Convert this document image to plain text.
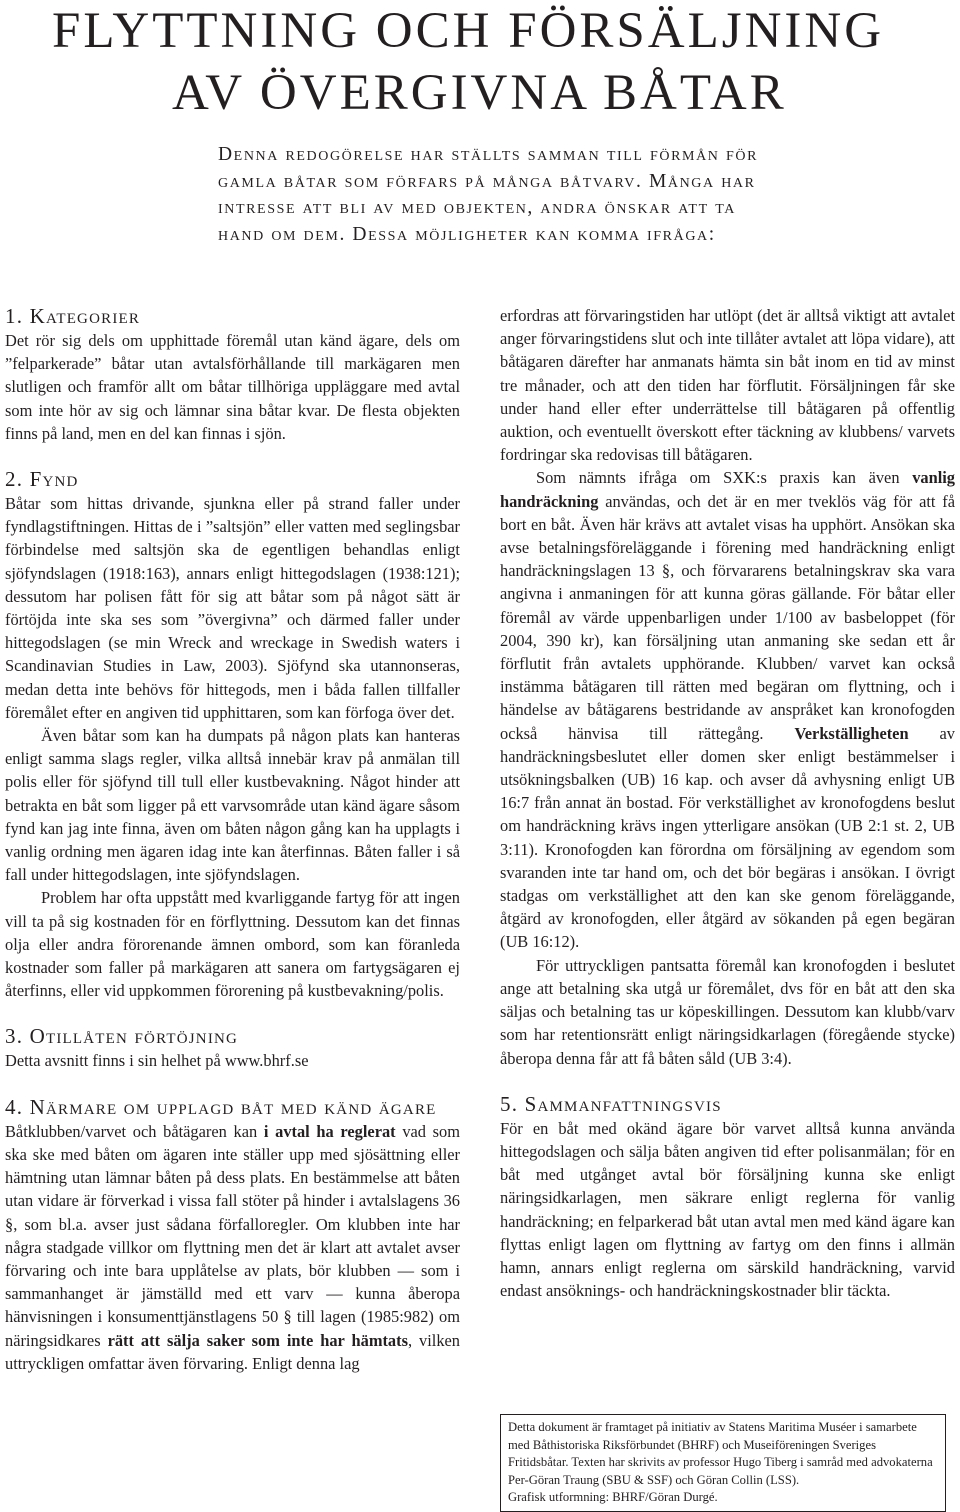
FLYTTNING OCH FÖRSÄLJNING
AV ÖVERGIVNA BÅTAR

Denna redogörelse har ställts samman till förmån för gamla båtar som förfars på många båtvarv. Många har intresse att bli av med objekten, andra önskar att ta hand om dem. Dessa möjligheter kan komma ifråga:

1. Kategorier

Det rör sig dels om upphittade föremål utan känd ägare, dels om ”felparkerade” båtar utan avtalsförhållande till markägaren men slutligen och framför allt om båtar tillhöriga uppläggare med avtal som inte hör av sig och lämnar sina båtar kvar. De flesta objekten finns på land, men en del kan finnas i sjön.

2. Fynd

Båtar som hittas drivande, sjunkna eller på strand faller under fyndlagstiftningen. Hittas de i ”saltsjön” eller vatten med seglingsbar förbindelse med saltsjön ska de egentligen behandlas enligt sjöfyndslagen (1918:163), annars enligt hittegodslagen (1938:121); dessutom har polisen fått för sig att båtar som på något sätt är förtöjda inte ska ses som ”övergivna” och därmed faller under hittegodslagen (se min Wreck and wreckage in Swedish waters i Scandinavian Studies in Law, 2003). Sjöfynd ska utannonseras, medan detta inte behövs för hittegods, men i båda fallen tillfaller föremålet efter en angiven tid upphittaren, som kan förfoga över det.

Även båtar som kan ha dumpats på någon plats kan hanteras enligt samma slags regler, vilka alltså innebär krav på anmälan till polis eller för sjöfynd till tull eller kustbevakning. Något hinder att betrakta en båt som ligger på ett varvsområde utan känd ägare såsom fynd kan jag inte finna, även om båten någon gång kan ha upplagts i vanlig ordning men ägaren idag inte kan återfinnas. Båten faller i så fall under hittegodslagen, inte sjöfyndslagen.

Problem har ofta uppstått med kvarliggande fartyg för att ingen vill ta på sig kostnaden för en förflyttning. Dessutom kan det finnas olja eller andra förorenande ämnen ombord, som kan föranleda kostnader som faller på markägaren att sanera om fartygsägaren ej återfinns, eller vid uppkommen förorening på kustbevakning/polis.

3. Otillåten förtöjning

Detta avsnitt finns i sin helhet på www.bhrf.se

4. Närmare om upplagd båt med känd ägare

Båtklubben/varvet och båtägaren kan i avtal ha reglerat vad som ska ske med båten om ägaren inte ställer upp med sjösättning eller hämtning utan lämnar båten på dess plats. En bestämmelse att båten utan vidare är förverkad i vissa fall stöter på hinder i avtalslagens 36 §, som bl.a. avser just sådana förfalloregler. Om klubben inte har några stadgade villkor om flyttning men det är klart att avtalet avser förvaring och inte bara upplåtelse av plats, bör klubben — som i sammanhanget är jämställd med ett varv — kunna åberopa hänvisningen i konsumenttjänstlagens 50 § till lagen (1985:982) om näringsidkares rätt att sälja saker som inte har hämtats, vilken uttryckligen omfattar även förvaring. Enligt denna lag

erfordras att förvaringstiden har utlöpt (det är alltså viktigt att avtalet anger förvaringstidens slut och inte tillåter avtalet att löpa vidare), att båtägaren därefter har anmanats hämta sin båt inom en tid av minst tre månader, och att den tiden har förflutit. Försäljningen får ske under hand eller efter underrättelse till båtägaren på offentlig auktion, och eventuellt överskott efter täckning av klubbens/ varvets fordringar ska redovisas till båtägaren.

Som nämnts ifråga om SXK:s praxis kan även vanlig handräckning användas, och det är en mer tveklös väg för att få bort en båt. Även här krävs att avtalet visas ha upphört. Ansökan ska avse betalningsföreläggande i förening med handräckning enligt handräckningslagen 13 §, och förvararens betalningskrav ska vara angivna i anmaningen för att kunna göras gällande. För båtar eller föremål av värde uppenbarligen under 1/100 av basbeloppet (för 2004, 390 kr), kan försäljning utan anmaning ske sedan ett år förflutit från avtalets upphörande. Klubben/ varvet kan också instämma båtägaren till rätten med begäran om flyttning, och i händelse av båtägarens bestridande av anspråket kan kronofogden också hänvisa till rättegång. Verkställigheten av handräckningsbeslutet eller domen sker enligt bestämmelser i utsökningsbalken (UB) 16 kap. och avser då avhysning enligt UB 16:7 från annat än bostad. För verkställighet av kronofogdens beslut om handräckning krävs ingen ytterligare ansökan (UB 2:1 st. 2, UB 3:11). Kronofogden kan förordna om försäljning av egendom som svaranden inte tar hand om, och det bör begäras i ansökan. I övrigt stadgas om verkställighet att den kan ske genom föreläggande, åtgärd av kronofogden, eller åtgärd av sökanden på egen begäran (UB 16:12).

För uttryckligen pantsatta föremål kan kronofogden i beslutet ange att betalning ska utgå ur föremålet, dvs för en båt att den ska säljas och betalning tas ur köpeskillingen. Dessutom kan klubb/varv som har retentionsrätt enligt näringsidkarlagen (föregående stycke) åberopa denna får att få båten såld (UB 3:4).

5. Sammanfattningsvis

För en båt med okänd ägare bör varvet alltså kunna använda hittegodslagen och sälja båten angiven tid efter polisanmälan; för en båt med utgånget avtal bör försäljning kunna ske enligt näringsidkarlagen, men säkrare enligt reglerna för vanlig handräckning; en felparkerad båt utan avtal men med känd ägare kan flyttas enligt lagen om flyttning av fartyg om den finns i allmän hamn, annars enligt reglerna om särskild handräckning, varvid endast ansöknings- och handräckningskostnader blir täckta.

Detta dokument är framtaget på initiativ av Statens Maritima Muséer i samarbete med Båthistoriska Riksförbundet (BHRF) och Museiföreningen Sveriges Fritidsbåtar. Texten har skrivits av professor Hugo Tiberg i samråd med advokaterna Per-Göran Traung (SBU & SSF) och Göran Collin (LSS).

Grafisk utformning: BHRF/Göran Durgé.
